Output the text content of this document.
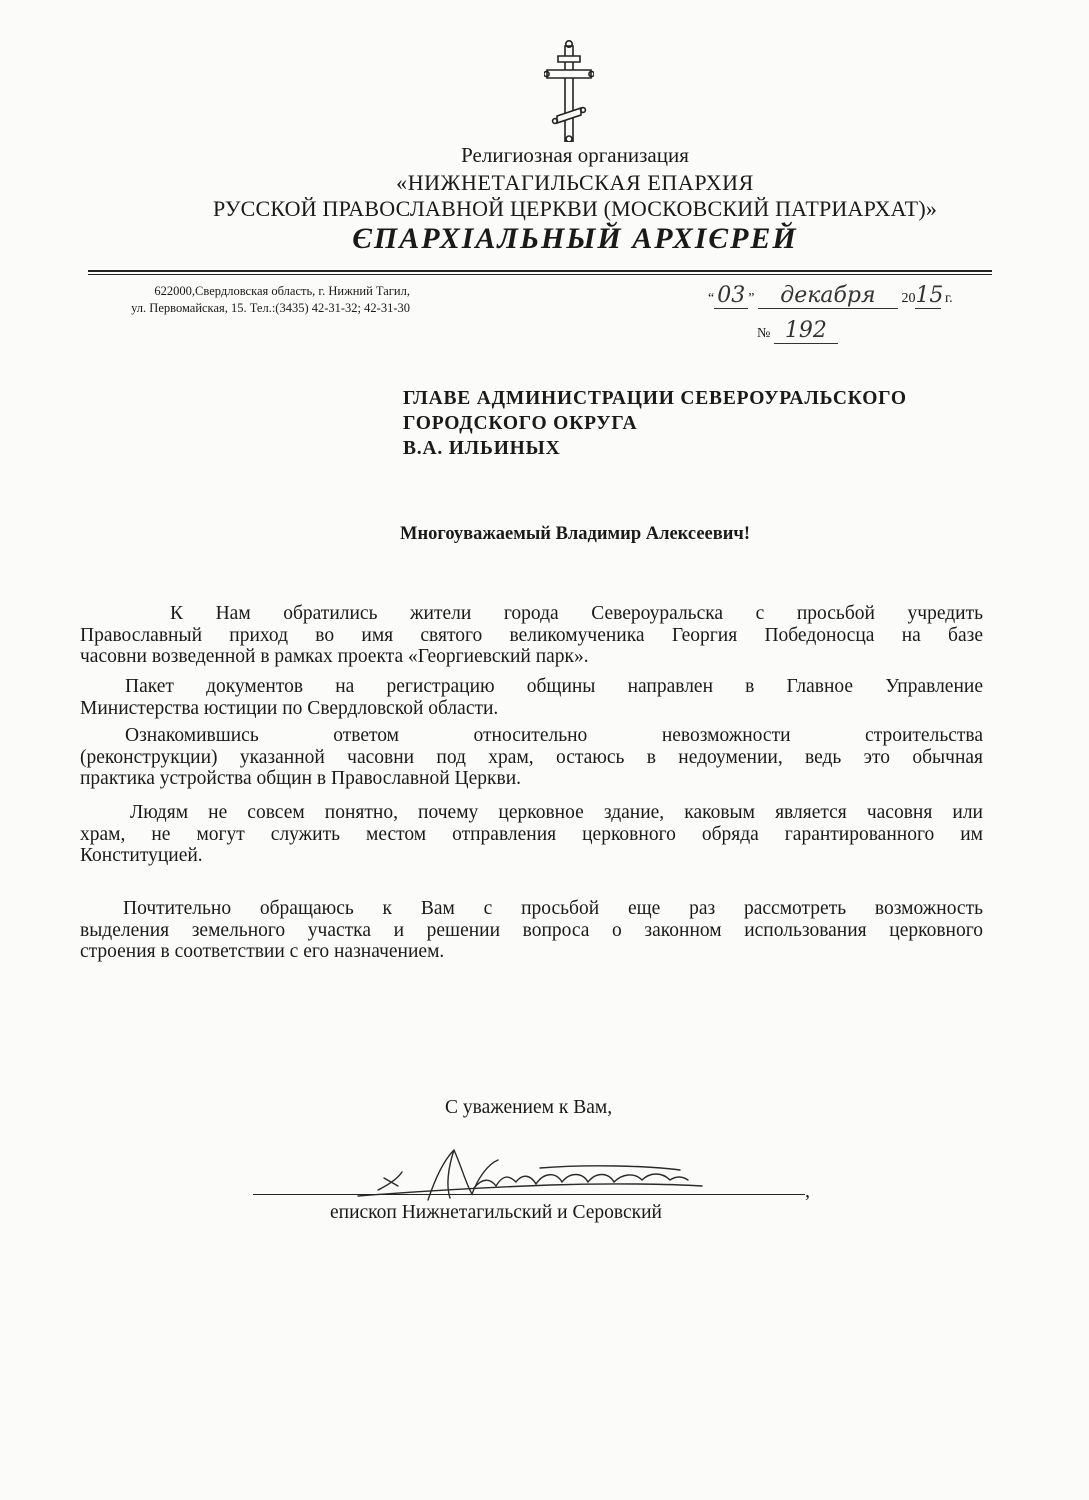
Религиозная организация
«НИЖНЕТАГИЛЬСКАЯ ЕПАРХИЯ
РУССКОЙ ПРАВОСЛАВНОЙ ЦЕРКВИ (МОСКОВСКИЙ ПАТРИАРХАТ)»
ЄПАРХІАЛЬНЫЙ АРХІЄРЕЙ
622000,Свердловская область, г. Нижний Тагил,
ул. Первомайская, 15. Тел.:(3435) 42-31-32; 42-31-30
“ 03 ” декабря 2015 г.
№ 192
ГЛАВЕ АДМИНИСТРАЦИИ СЕВЕРОУРАЛЬСКОГО
ГОРОДСКОГО ОКРУГА
В.А. ИЛЬИНЫХ
Многоуважаемый Владимир Алексеевич!
К Нам обратились жители города Североуральска с просьбой учредить
Православный приход во имя святого великомученика Георгия Победоносца на базе
часовни возведенной в рамках проекта «Георгиевский парк».
Пакет документов на регистрацию общины направлен в Главное Управление
Министерства юстиции по Свердловской области.
Ознакомившись ответом относительно невозможности строительства
(реконструкции) указанной часовни под храм, остаюсь в недоумении, ведь это обычная
практика устройства общин в Православной Церкви.
Людям не совсем понятно, почему церковное здание, каковым является часовня или
храм, не могут служить местом отправления церковного обряда гарантированного им
Конституцией.
Почтительно обращаюсь к Вам с просьбой еще раз рассмотреть возможность
выделения земельного участка и решении вопроса о законном использования церковного
строения в соответствии с его назначением.
С уважением к Вам,
,
епископ Нижнетагильский и Серовский
